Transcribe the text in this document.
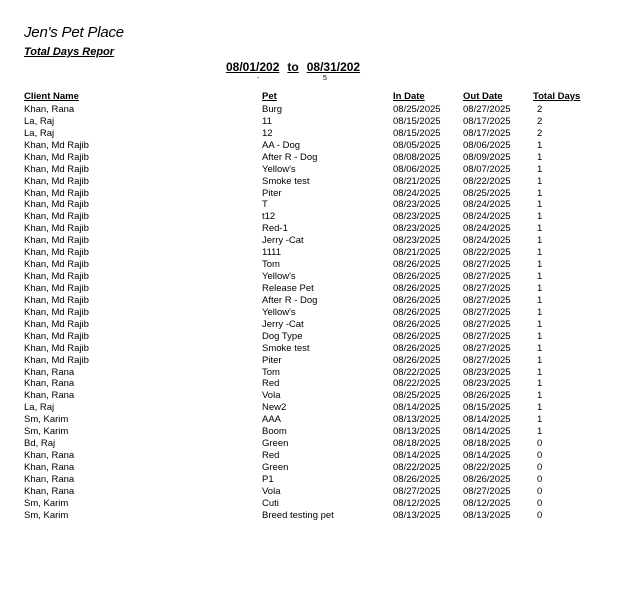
Jen's Pet Place
Total Days Repor
08/01/202 to 08/31/202
-	5
Client Name	Pet	In Date	Out Date	Total Days
Khan, Rana	Burg	08/25/2025 08/27/2025	2
La, Raj	11	08/15/2025 08/17/2025	2
La, Raj	12	08/15/2025 08/17/2025	2
Khan, Md Rajib	AA - Dog	08/05/2025 08/06/2025	1
Khan, Md Rajib	After R - Dog	08/08/2025 08/09/2025	1
Khan, Md Rajib	Yellow's	08/06/2025 08/07/2025	1
Khan, Md Rajib	Smoke test	08/21/2025 08/22/2025	1
Khan, Md Rajib	Piter	08/24/2025 08/25/2025	1
Khan, Md Rajib	T	08/23/2025 08/24/2025	1
Khan, Md Rajib	t12	08/23/2025 08/24/2025	1
Khan, Md Rajib	Red-1	08/23/2025 08/24/2025	1
Khan, Md Rajib	Jerry -Cat	08/23/2025 08/24/2025	1
Khan, Md Rajib	1111	08/21/2025 08/22/2025	1
Khan, Md Rajib	Tom	08/26/2025 08/27/2025	1
Khan, Md Rajib	Yellow's	08/26/2025 08/27/2025	1
Khan, Md Rajib	Release Pet	08/26/2025 08/27/2025	1
Khan, Md Rajib	After R - Dog	08/26/2025 08/27/2025	1
Khan, Md Rajib	Yellow's	08/26/2025 08/27/2025	1
Khan, Md Rajib	Jerry -Cat	08/26/2025 08/27/2025	1
Khan, Md Rajib	Dog Type	08/26/2025 08/27/2025	1
Khan, Md Rajib	Smoke test	08/26/2025 08/27/2025	1
Khan, Md Rajib	Piter	08/26/2025 08/27/2025	1
Khan, Rana	Tom	08/22/2025 08/23/2025	1
Khan, Rana	Red	08/22/2025 08/23/2025	1
Khan, Rana	Vola	08/25/2025 08/26/2025	1
La, Raj	New2	08/14/2025 08/15/2025	1
Sm, Karim	AAA	08/13/2025 08/14/2025	1
Sm, Karim	Boom	08/13/2025 08/14/2025	1
Bd, Raj	Green	08/18/2025 08/18/2025	0
Khan, Rana	Red	08/14/2025 08/14/2025	0
Khan, Rana	Green	08/22/2025 08/22/2025	0
Khan, Rana	P1	08/26/2025 08/26/2025	0
Khan, Rana	Vola	08/27/2025 08/27/2025	0
Sm, Karim	Cuti	08/12/2025 08/12/2025	0
Sm, Karim	Breed testing pet	08/13/2025 08/13/2025	0
